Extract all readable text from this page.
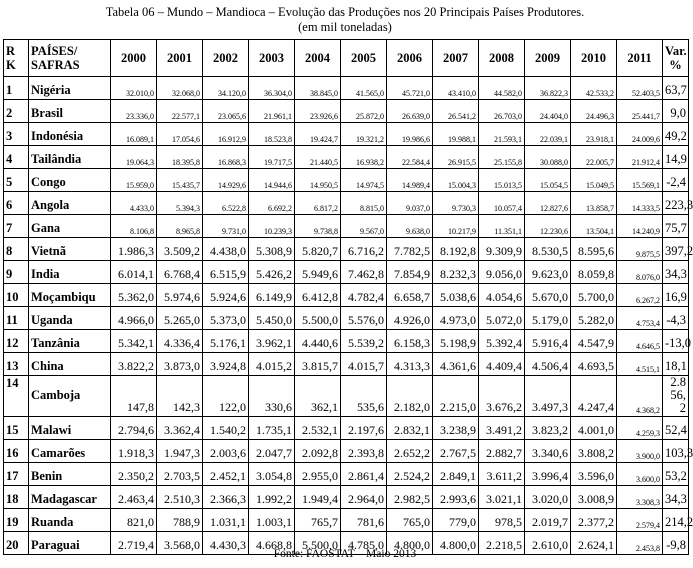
Tabela 06 – Mundo – Mandioca – Evolução das Produções nos 20 Principais Países Produtores.
(em mil toneladas)
R K	PAÍSES/ SAFRAS	2000	2001	2002	2003	2004	2005	2006	2007	2008	2009	2010	2011	Var. %
1	Nigéria	32.010,0	32.068,0	34.120,0	36.304,0	38.845,0	41.565,0	45.721,0	43.410,0	44.582,0	36.822,3	42.533,2	52.403,5	63,7
2	Brasil	23.336,0	22.577,1	23.065,6	21.961,1	23.926,6	25.872,0	26.639,0	26.541,2	26.703,0	24.404,0	24.496,3	25.441,7	9,0
3	Indonésia	16.089,1	17.054,6	16.912,9	18.523,8	19.424,7	19.321,2	19.986,6	19.988,1	21.593,1	22.039,1	23.918,1	24.009,6	49,2
4	Tailândia	19.064,3	18.395,8	16.868,3	19.717,5	21.440,5	16.938,2	22.584,4	26.915,5	25.155,8	30.088,0	22.005,7	21.912,4	14,9
5	Congo	15.959,0	15.435,7	14.929,6	14.944,6	14.950,5	14.974,5	14.989,4	15.004,3	15.013,5	15.054,5	15.049,5	15.569,1	-2,4
6	Angola	4.433,0	5.394,3	6.522,8	6.692,2	6.817,2	8.815,0	9.037,0	9.730,3	10.057,4	12.827,6	13.858,7	14.333,5	223,3
7	Gana	8.106,8	8.965,8	9.731,0	10.239,3	9.738,8	9.567,0	9.638,0	10.217,9	11.351,1	12.230,6	13.504,1	14.240,9	75,7
8	Vietnã	1.986,3	3.509,2	4.438,0	5.308,9	5.820,7	6.716,2	7.782,5	8.192,8	9.309,9	8.530,5	8.595,6	9.875,5	397,2
9	India	6.014,1	6.768,4	6.515,9	5.426,2	5.949,6	7.462,8	7.854,9	8.232,3	9.056,0	9.623,0	8.059,8	8.076,0	34,3
10	Moçambiqu	5.362,0	5.974,6	5.924,6	6.149,9	6.412,8	4.782,4	6.658,7	5.038,6	4.054,6	5.670,0	5.700,0	6.267,2	16,9
11	Uganda	4.966,0	5.265,0	5.373,0	5.450,0	5.500,0	5.576,0	4.926,0	4.973,0	5.072,0	5.179,0	5.282,0	4.753,4	-4,3
12	Tanzânia	5.342,1	4.336,4	5.176,1	3.962,1	4.440,6	5.539,2	6.158,3	5.198,9	5.392,4	5.916,4	4.547,9	4.646,5	-13,0
13	China	3.822,2	3.873,0	3.924,8	4.015,2	3.815,7	4.015,7	4.313,3	4.361,6	4.409,4	4.506,4	4.693,5	4.515,1	18,1
14	Camboja	147,8	142,3	122,0	330,6	362,1	535,6	2.182,0	2.215,0	3.676,2	3.497,3	4.247,4	4.368,2	2.856,2
15	Malawi	2.794,6	3.362,4	1.540,2	1.735,1	2.532,1	2.197,6	2.832,1	3.238,9	3.491,2	3.823,2	4.001,0	4.259,3	52,4
16	Camarões	1.918,3	1.947,3	2.003,6	2.047,7	2.092,8	2.393,8	2.652,2	2.767,5	2.882,7	3.340,6	3.808,2	3.900,0	103,3
17	Benin	2.350,2	2.703,5	2.452,1	3.054,8	2.955,0	2.861,4	2.524,2	2.849,1	3.611,2	3.996,4	3.596,0	3.600,0	53,2
18	Madagascar	2.463,4	2.510,3	2.366,3	1.992,2	1.949,4	2.964,0	2.982,5	2.993,6	3.021,1	3.020,0	3.008,9	3.308,3	34,3
19	Ruanda	821,0	788,9	1.031,1	1.003,1	765,7	781,6	765,0	779,0	978,5	2.019,7	2.377,2	2.579,4	214,2
20	Paraguai	2.719,4	3.568,0	4.430,3	4.668,8	5.500,0	4.785,0	4.800,0	4.800,0	2.218,5	2.610,0	2.624,1	2.453,8	-9,8
Fonte: FAOSTAT – Maio 2013
